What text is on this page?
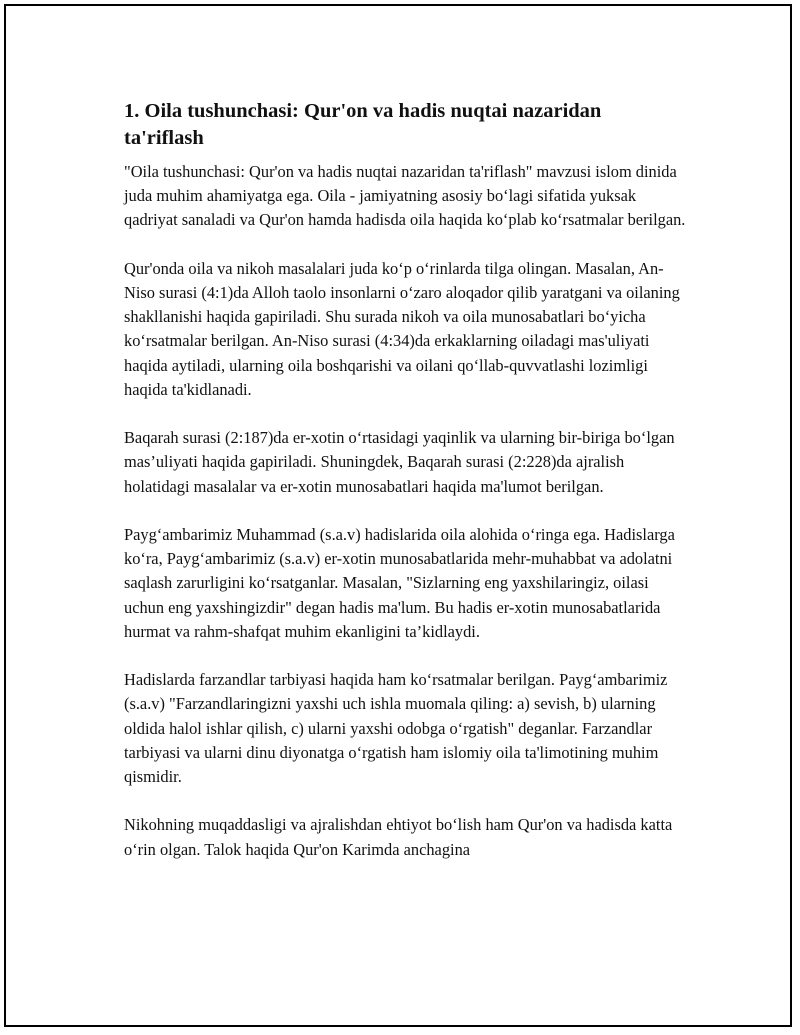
1. Oila tushunchasi: Qur'on va hadis nuqtai nazaridan ta'riflash

"Oila tushunchasi: Qur'on va hadis nuqtai nazaridan ta'riflash" mavzusi islom dinida juda muhim ahamiyatga ega. Oila - jamiyatning asosiy boʻlagi sifatida yuksak qadriyat sanaladi va Qur'on hamda hadisda oila haqida koʻplab koʻrsatmalar berilgan.

Qur'onda oila va nikoh masalalari juda koʻp oʻrinlarda tilga olingan. Masalan, An-Niso surasi (4:1)da Alloh taolo insonlarni oʻzaro aloqador qilib yaratgani va oilaning shakllanishi haqida gapiriladi. Shu surada nikoh va oila munosabatlari boʻyicha koʻrsatmalar berilgan. An-Niso surasi (4:34)da erkaklarning oiladagi mas'uliyati haqida aytiladi, ularning oila boshqarishi va oilani qoʻllab-quvvatlashi lozimligi haqida ta'kidlanadi.

Baqarah surasi (2:187)da er-xotin oʻrtasidagi yaqinlik va ularning bir-biriga boʻlgan mas’uliyati haqida gapiriladi. Shuningdek, Baqarah surasi (2:228)da ajralish holatidagi masalalar va er-xotin munosabatlari haqida ma'lumot berilgan.

Paygʻambarimiz Muhammad (s.a.v) hadislarida oila alohida oʻringa ega. Hadislarga koʻra, Paygʻambarimiz (s.a.v) er-xotin munosabatlarida mehr-muhabbat va adolatni saqlash zarurligini koʻrsatganlar. Masalan, "Sizlarning eng yaxshilaringiz, oilasi uchun eng yaxshingizdir" degan hadis ma'lum. Bu hadis er-xotin munosabatlarida hurmat va rahm-shafqat muhim ekanligini ta’kidlaydi.

Hadislarda farzandlar tarbiyasi haqida ham koʻrsatmalar berilgan. Paygʻambarimiz (s.a.v) "Farzandlaringizni yaxshi uch ishla muomala qiling: a) sevish, b) ularning oldida halol ishlar qilish, c) ularni yaxshi odobga oʻrgatish" deganlar. Farzandlar tarbiyasi va ularni dinu diyonatga oʻrgatish ham islomiy oila ta'limotining muhim qismidir.

Nikohning muqaddasligi va ajralishdan ehtiyot boʻlish ham Qur'on va hadisda katta oʻrin olgan. Talok haqida Qur'on Karimda anchagina
